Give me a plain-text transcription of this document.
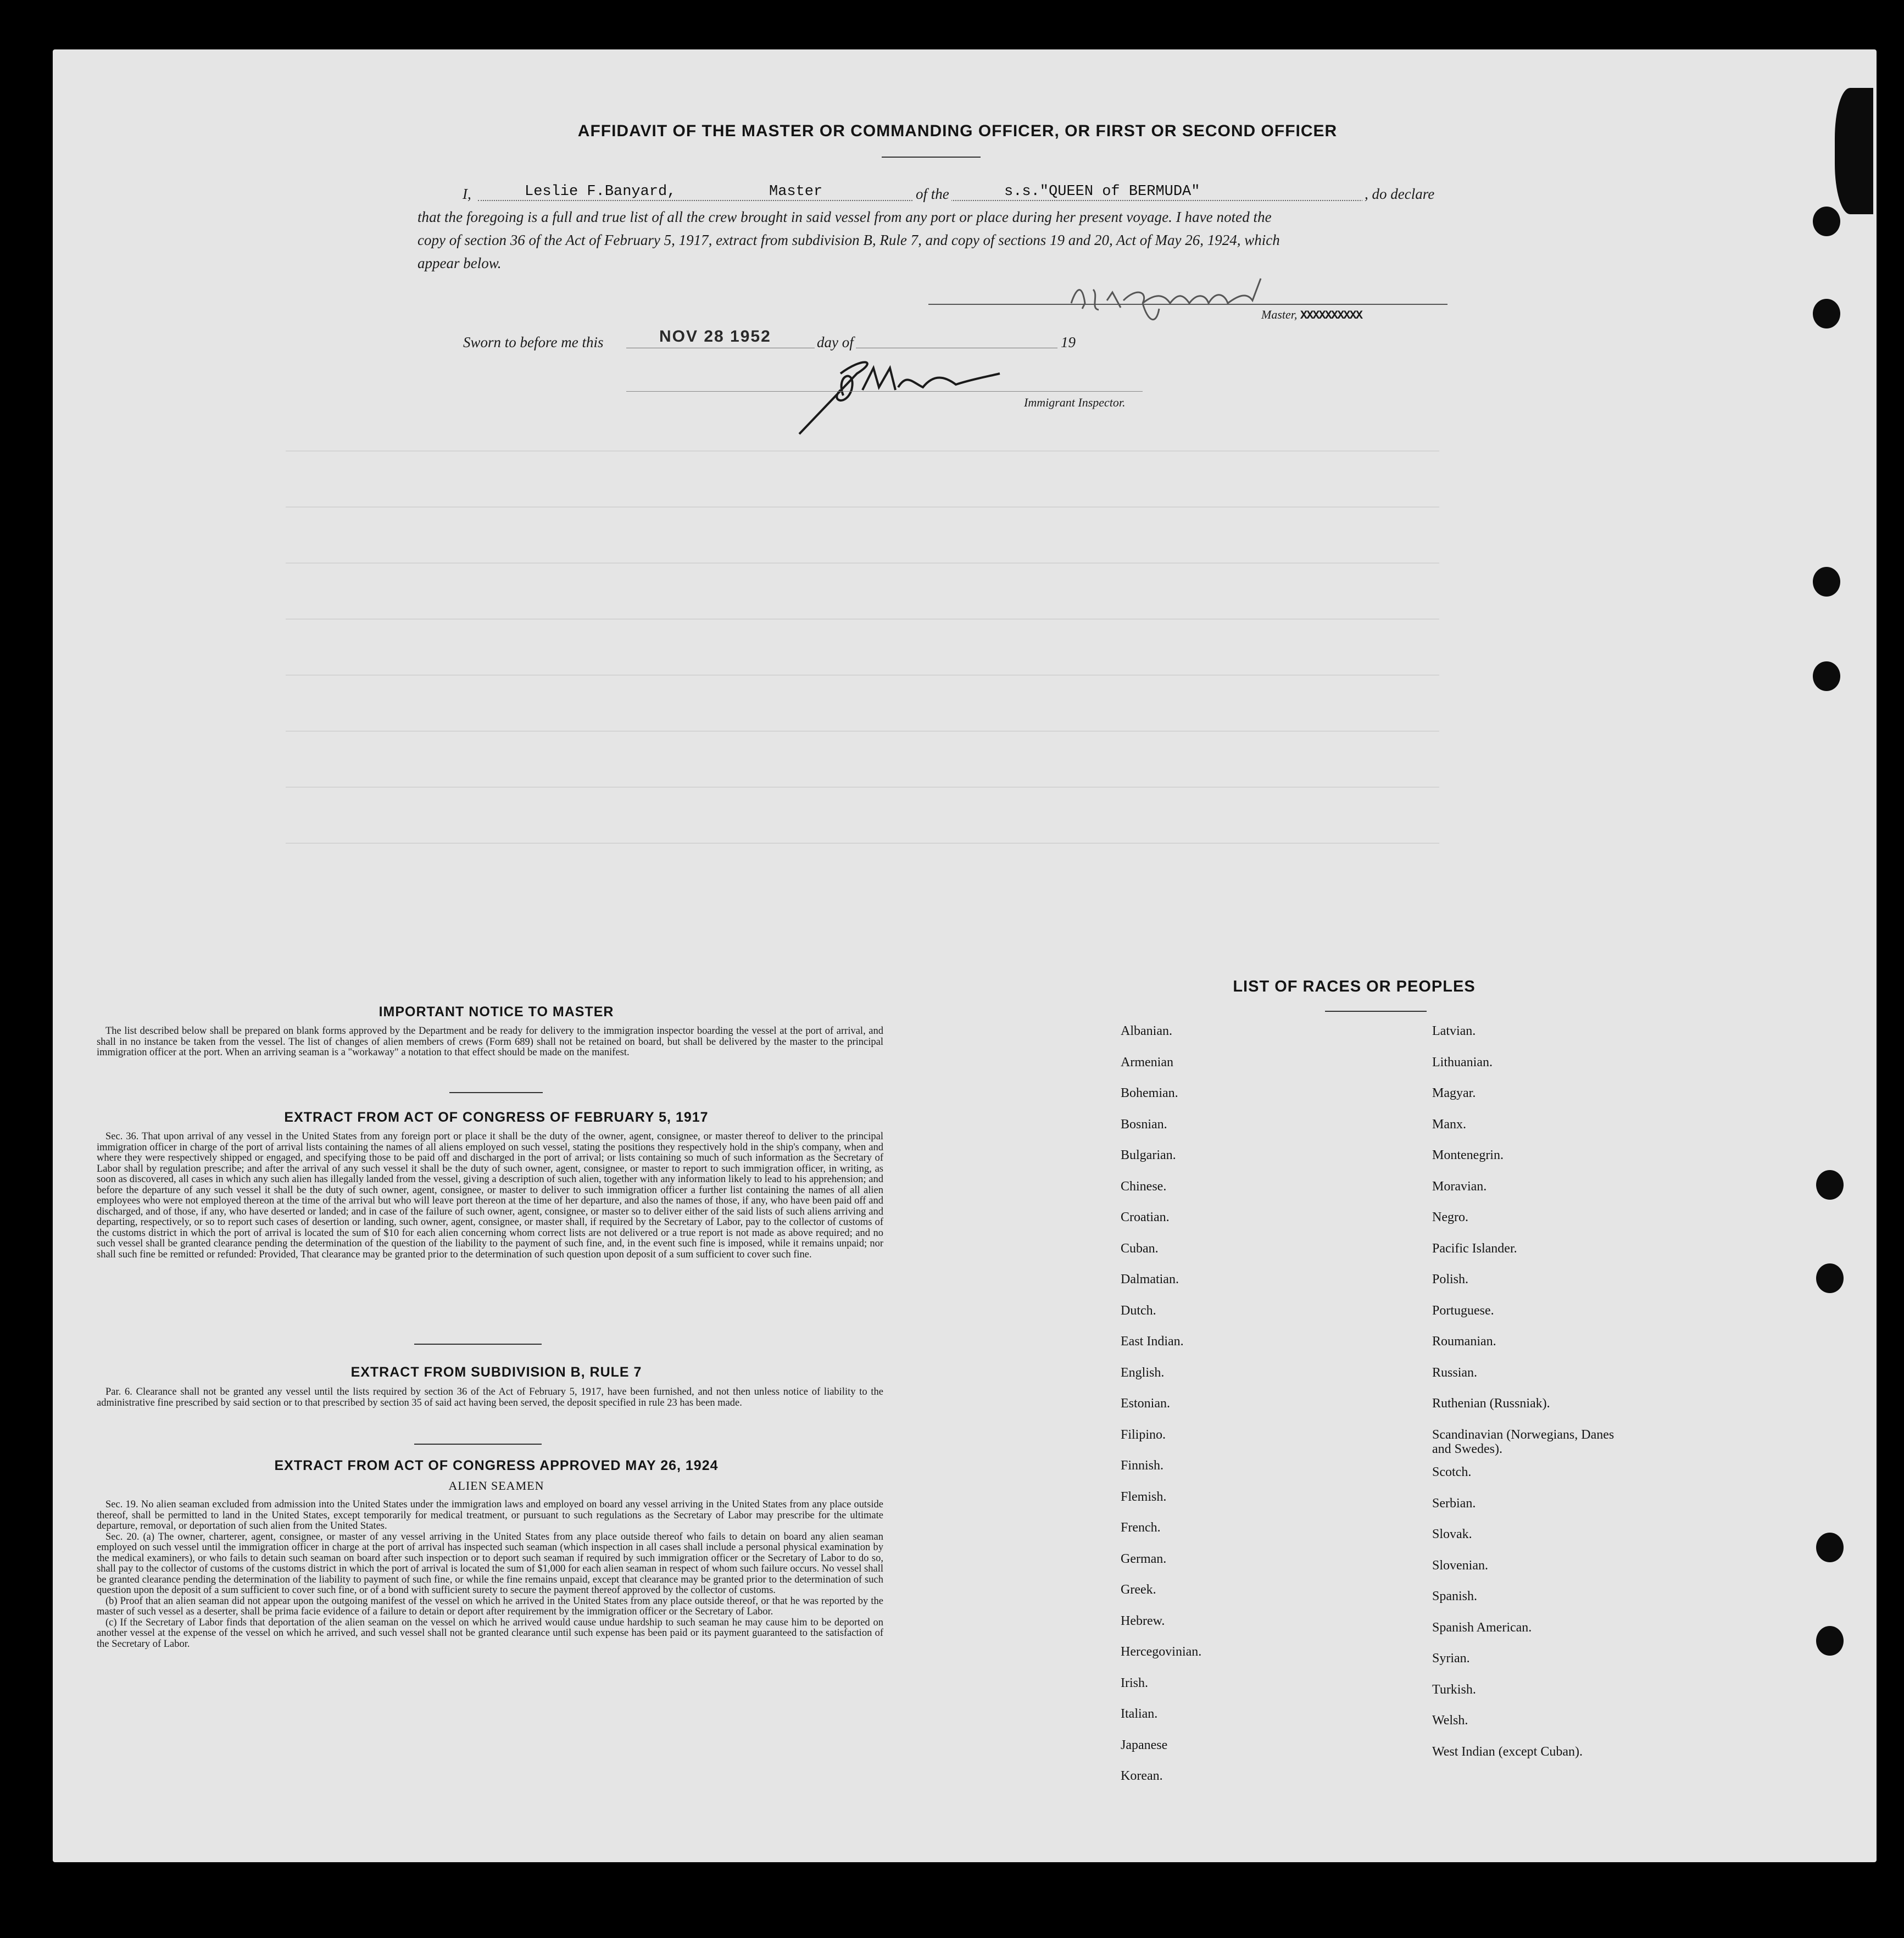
AFFIDAVIT OF THE MASTER OR COMMANDING OFFICER, OR FIRST OR SECOND OFFICER
I,	Leslie F.Banyard,	Master	of the	s.s."QUEEN of BERMUDA"	, do declare
that the foregoing is a full and true list of all the crew brought in said vessel from any port or place during her present voyage. I have noted the
copy of section 36 of the Act of February 5, 1917, extract from subdivision B, Rule 7, and copy of sections 19 and 20, Act of May 26, 1924, which
appear below.
Master, XXXXXXXXXX
Sworn to before me this	NOV 28 1952	day of	19
Immigrant Inspector.
IMPORTANT NOTICE TO MASTER
The list described below shall be prepared on blank forms approved by the Department and be ready for delivery to the immigration inspector boarding the vessel at the port of arrival, and shall in no instance be taken from the vessel. The list of changes of alien members of crews (Form 689) shall not be retained on board, but shall be delivered by the master to the principal immigration officer at the port. When an arriving seaman is a "workaway" a notation to that effect should be made on the manifest.
EXTRACT FROM ACT OF CONGRESS OF FEBRUARY 5, 1917
Sec. 36. That upon arrival of any vessel in the United States from any foreign port or place it shall be the duty of the owner, agent, consignee, or master thereof to deliver to the principal immigration officer in charge of the port of arrival lists containing the names of all aliens employed on such vessel, stating the positions they respectively hold in the ship's company, when and where they were respectively shipped or engaged, and specifying those to be paid off and discharged in the port of arrival; or lists containing so much of such information as the Secretary of Labor shall by regulation prescribe; and after the arrival of any such vessel it shall be the duty of such owner, agent, consignee, or master to report to such immigration officer, in writing, as soon as discovered, all cases in which any such alien has illegally landed from the vessel, giving a description of such alien, together with any information likely to lead to his apprehension; and before the departure of any such vessel it shall be the duty of such owner, agent, consignee, or master to deliver to such immigration officer a further list containing the names of all alien employees who were not employed thereon at the time of the arrival but who will leave port thereon at the time of her departure, and also the names of those, if any, who have been paid off and discharged, and of those, if any, who have deserted or landed; and in case of the failure of such owner, agent, consignee, or master so to deliver either of the said lists of such aliens arriving and departing, respectively, or so to report such cases of desertion or landing, such owner, agent, consignee, or master shall, if required by the Secretary of Labor, pay to the collector of customs of the customs district in which the port of arrival is located the sum of $10 for each alien concerning whom correct lists are not delivered or a true report is not made as above required; and no such vessel shall be granted clearance pending the determination of the question of the liability to the payment of such fine, and, in the event such fine is imposed, while it remains unpaid; nor shall such fine be remitted or refunded: Provided, That clearance may be granted prior to the determination of such question upon deposit of a sum sufficient to cover such fine.
EXTRACT FROM SUBDIVISION B, RULE 7
Par. 6. Clearance shall not be granted any vessel until the lists required by section 36 of the Act of February 5, 1917, have been furnished, and not then unless notice of liability to the administrative fine prescribed by said section or to that prescribed by section 35 of said act having been served, the deposit specified in rule 23 has been made.
EXTRACT FROM ACT OF CONGRESS APPROVED MAY 26, 1924
ALIEN SEAMEN
Sec. 19. No alien seaman excluded from admission into the United States under the immigration laws and employed on board any vessel arriving in the United States from any place outside thereof, shall be permitted to land in the United States, except temporarily for medical treatment, or pursuant to such regulations as the Secretary of Labor may prescribe for the ultimate departure, removal, or deportation of such alien from the United States.
Sec. 20. (a) The owner, charterer, agent, consignee, or master of any vessel arriving in the United States from any place outside thereof who fails to detain on board any alien seaman employed on such vessel until the immigration officer in charge at the port of arrival has inspected such seaman (which inspection in all cases shall include a personal physical examination by the medical examiners), or who fails to detain such seaman on board after such inspection or to deport such seaman if required by such immigration officer or the Secretary of Labor to do so, shall pay to the collector of customs of the customs district in which the port of arrival is located the sum of $1,000 for each alien seaman in respect of whom such failure occurs. No vessel shall be granted clearance pending the determination of the liability to payment of such fine, or while the fine remains unpaid, except that clearance may be granted prior to the determination of such question upon the deposit of a sum sufficient to cover such fine, or of a bond with sufficient surety to secure the payment thereof approved by the collector of customs.
(b) Proof that an alien seaman did not appear upon the outgoing manifest of the vessel on which he arrived in the United States from any place outside thereof, or that he was reported by the master of such vessel as a deserter, shall be prima facie evidence of a failure to detain or deport after requirement by the immigration officer or the Secretary of Labor.
(c) If the Secretary of Labor finds that deportation of the alien seaman on the vessel on which he arrived would cause undue hardship to such seaman he may cause him to be deported on another vessel at the expense of the vessel on which he arrived, and such vessel shall not be granted clearance until such expense has been paid or its payment guaranteed to the satisfaction of the Secretary of Labor.
LIST OF RACES OR PEOPLES
Albanian.
Armenian
Bohemian.
Bosnian.
Bulgarian.
Chinese.
Croatian.
Cuban.
Dalmatian.
Dutch.
East Indian.
English.
Estonian.
Filipino.
Finnish.
Flemish.
French.
German.
Greek.
Hebrew.
Hercegovinian.
Irish.
Italian.
Japanese
Korean.
Latvian.
Lithuanian.
Magyar.
Manx.
Montenegrin.
Moravian.
Negro.
Pacific Islander.
Polish.
Portuguese.
Roumanian.
Russian.
Ruthenian (Russniak).
Scandinavian (Norwegians, Danes and Swedes).
Scotch.
Serbian.
Slovak.
Slovenian.
Spanish.
Spanish American.
Syrian.
Turkish.
Welsh.
West Indian (except Cuban).
